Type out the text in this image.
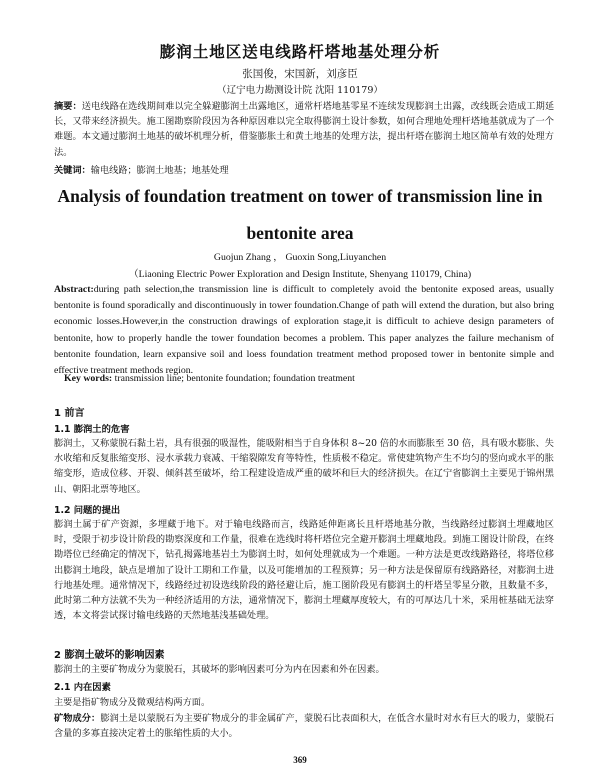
膨润土地区送电线路杆塔地基处理分析
张国俊，宋国新，刘彦臣
（辽宁电力勘测设计院 沈阳 110179）

摘要：送电线路在选线期间难以完全躲避膨润土出露地区，通常杆塔地基零星不连续发现膨润土出露，改线既会造成工期延长，又带来经济损失。施工图勘察阶段因为各种原因难以完全取得膨润土设计参数，如何合理地处理杆塔地基就成为了一个难题。本文通过膨润土地基的破坏机理分析，借鉴膨胀土和黄土地基的处理方法，提出杆塔在膨润土地区简单有效的处理方法。

关键词：输电线路；膨润土地基；地基处理

Analysis of foundation treatment on tower of transmission line in
bentonite area
Guojun Zhang ， Guoxin Song,Liuyanchen
（Liaoning Electric Power Exploration and Design Institute, Shenyang 110179, China)

Abstract:during path selection,the transmission line is difficult to completely avoid the bentonite exposed areas, usually bentonite is found sporadically and discontinuously in tower foundation.Change of path will extend the duration, but also bring economic losses.However,in the construction drawings of exploration stage,it is difficult to achieve design parameters of bentonite, how to properly handle the tower foundation becomes a problem. This paper analyzes the failure mechanism of bentonite foundation, learn expansive soil and loess foundation treatment method proposed tower in bentonite simple and effective treatment methods region.

Key words: transmission line; bentonite foundation; foundation treatment

1 前言
1.1 膨润土的危害

膨润土，又称蒙脱石黏土岩，具有很强的吸湿性，能吸附相当于自身体积 8~20 倍的水而膨胀至 30 倍，具有吸水膨胀、失水收缩和反复胀缩变形、浸水承载力衰减、干缩裂隙发育等特性，性质极不稳定。常使建筑物产生不均匀的竖向或水平的胀缩变形，造成位移、开裂、倾斜甚至破坏，给工程建设造成严重的破坏和巨大的经济损失。在辽宁省膨润土主要见于锦州黑山、朝阳北票等地区。

1.2 问题的提出

膨润土属于矿产资源，多埋藏于地下。对于输电线路而言，线路延伸距离长且杆塔地基分散，当线路经过膨润土埋藏地区时，受限于初步设计阶段的勘察深度和工作量，很难在选线时将杆塔位完全避开膨润土埋藏地段。到施工图设计阶段，在终勘塔位已经确定的情况下，钻孔揭露地基岩土为膨润土时，如何处理就成为一个难题。一种方法是更改线路路径，将塔位移出膨润土地段，缺点是增加了设计工期和工作量，以及可能增加的工程预算；另一种方法是保留原有线路路径，对膨润土进行地基处理。通常情况下，线路经过初设选线阶段的路径避让后，施工图阶段见有膨润土的杆塔呈零星分散，且数量不多，此时第二种方法就不失为一种经济适用的方法，通常情况下，膨润土埋藏厚度较大，有的可厚达几十米，采用桩基础无法穿透，本文将尝试探讨输电线路的天然地基浅基础处理。

2 膨润土破坏的影响因素

膨润土的主要矿物成分为蒙脱石，其破坏的影响因素可分为内在因素和外在因素。

2.1 内在因素

主要是指矿物成分及微观结构两方面。

矿物成分：膨润土是以蒙脱石为主要矿物成分的非金属矿产，蒙脱石比表面积大，在低含水量时对水有巨大的吸力，蒙脱石含量的多寡直接决定着土的胀缩性质的大小。

369
